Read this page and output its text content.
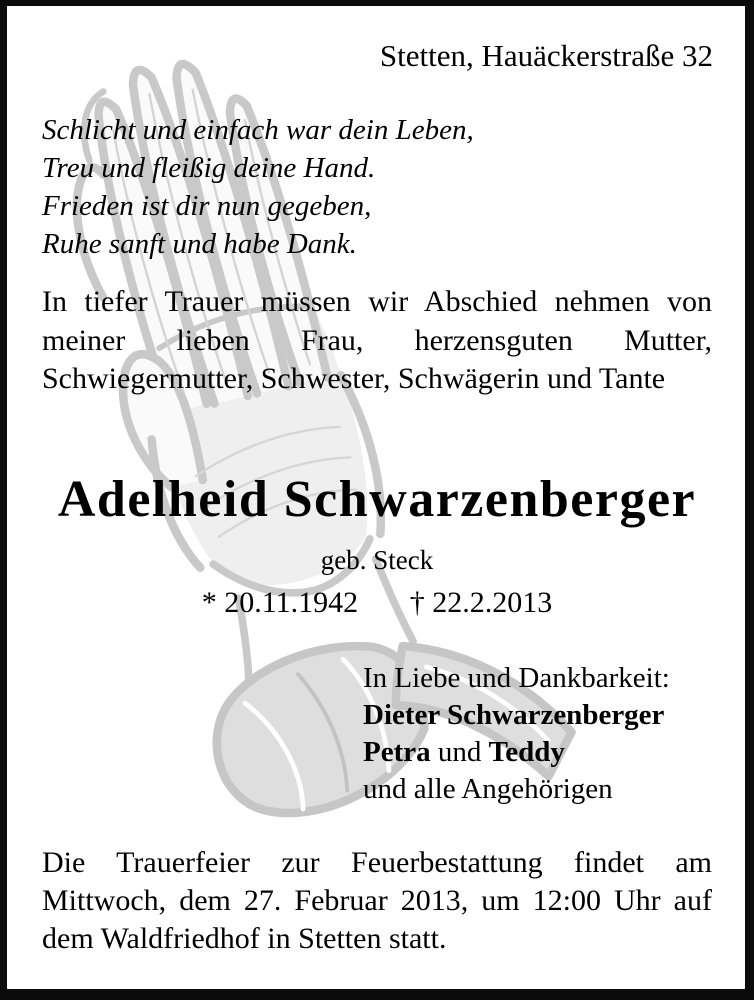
Stetten, Hauäckerstraße 32
Schlicht und einfach war dein Leben,
Treu und fleißig deine Hand.
Frieden ist dir nun gegeben,
Ruhe sanft und habe Dank.
In tiefer Trauer müssen wir Abschied nehmen von meiner lieben Frau, herzensguten Mutter, Schwiegermutter, Schwester, Schwägerin und Tante
Adelheid Schwarzenberger
geb. Steck
* 20.11.1942 † 22.2.2013
In Liebe und Dankbarkeit:
Dieter Schwarzenberger
Petra und Teddy
und alle Angehörigen
Die Trauerfeier zur Feuerbestattung findet am Mittwoch, dem 27. Februar 2013, um 12:00 Uhr auf dem Waldfriedhof in Stetten statt.
